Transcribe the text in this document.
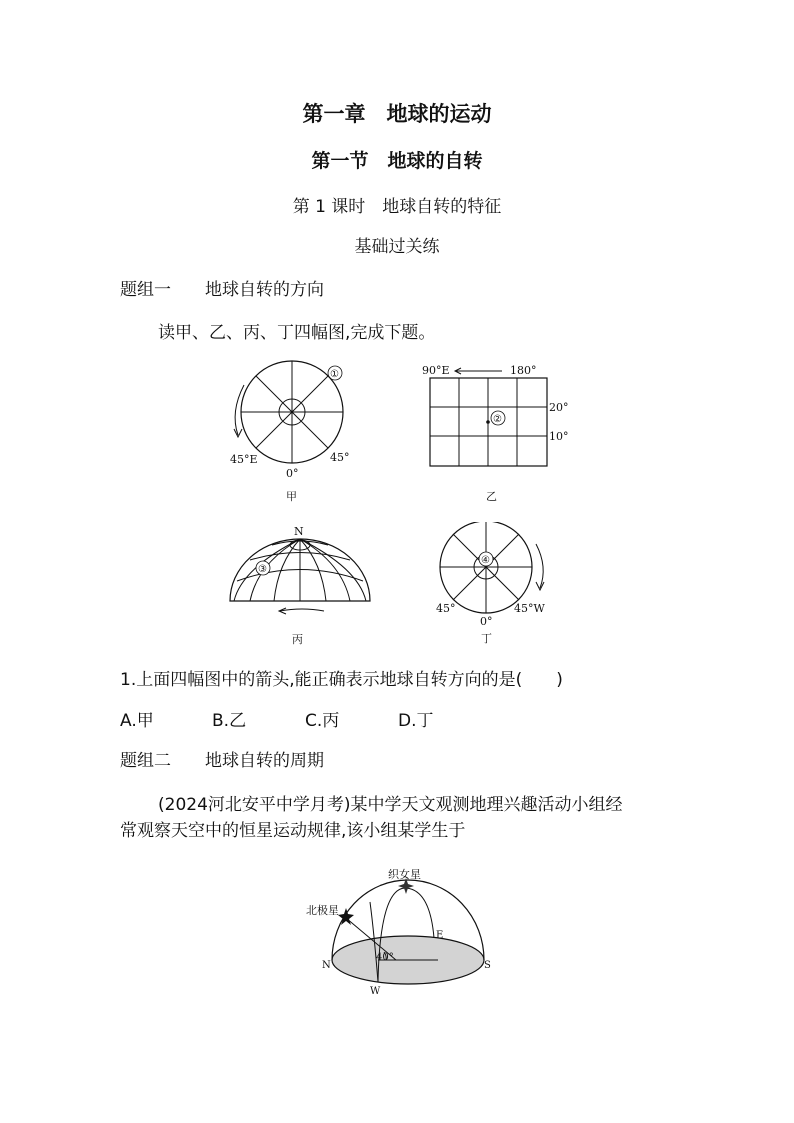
第一章　地球的运动
第一节　地球的自转
第 1 课时　地球自转的特征
基础过关练
题组一　　地球自转的方向
读甲、乙、丙、丁四幅图,完成下题。
①
45°E
0°
45°
甲
90°E	180°
20°
10°
②
乙
N
③
丙
④
45°
0°
45°W
丁
1.上面四幅图中的箭头,能正确表示地球自转方向的是(　　)
A.甲	B.乙	C.丙	D.丁
题组二　　地球自转的周期
(2024河北安平中学月考)某中学天文观测地理兴趣活动小组经
常观察天空中的恒星运动规律,该小组某学生于
织女星
北极星
N	S
E
W
40°
